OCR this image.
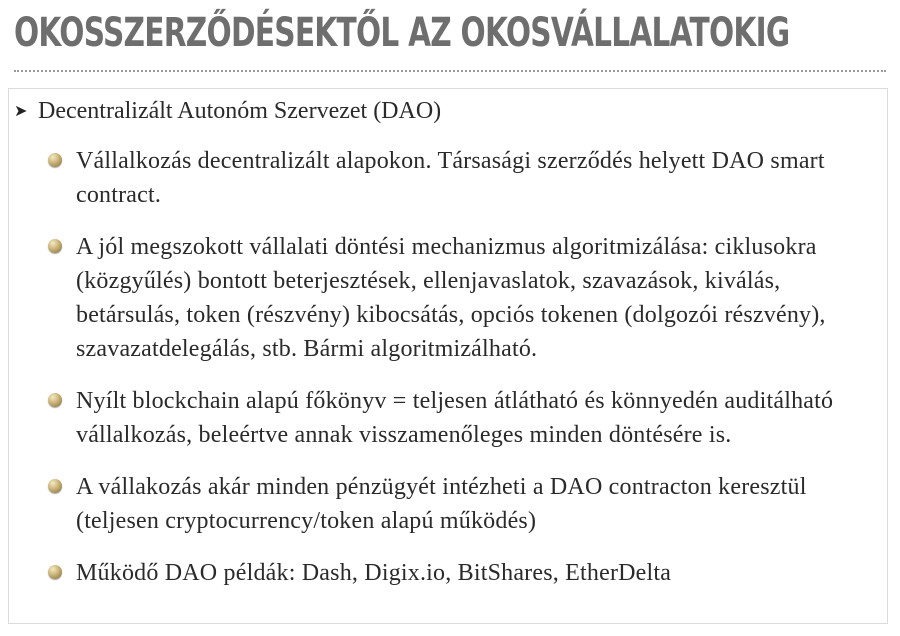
OKOSSZERZŐDÉSEKTŐL AZ OKOSVÁLLALATOKIG
➤ Decentralizált Autonóm Szervezet (DAO)
Vállalkozás decentralizált alapokon. Társasági szerződés helyett DAO smart contract.
A jól megszokott vállalati döntési mechanizmus algoritmizálása: ciklusokra (közgyűlés) bontott beterjesztések, ellenjavaslatok, szavazások, kiválás, betársulás, token (részvény) kibocsátás, opciós tokenen (dolgozói részvény), szavazatdelegálás, stb. Bármi algoritmizálható.
Nyílt blockchain alapú főkönyv = teljesen átlátható és könnyedén auditálható vállalkozás, beleértve annak visszamenőleges minden döntésére is.
A vállakozás akár minden pénzügyét intézheti a DAO contracton keresztül (teljesen cryptocurrency/token alapú működés)
Működő DAO példák: Dash, Digix.io, BitShares, EtherDelta
